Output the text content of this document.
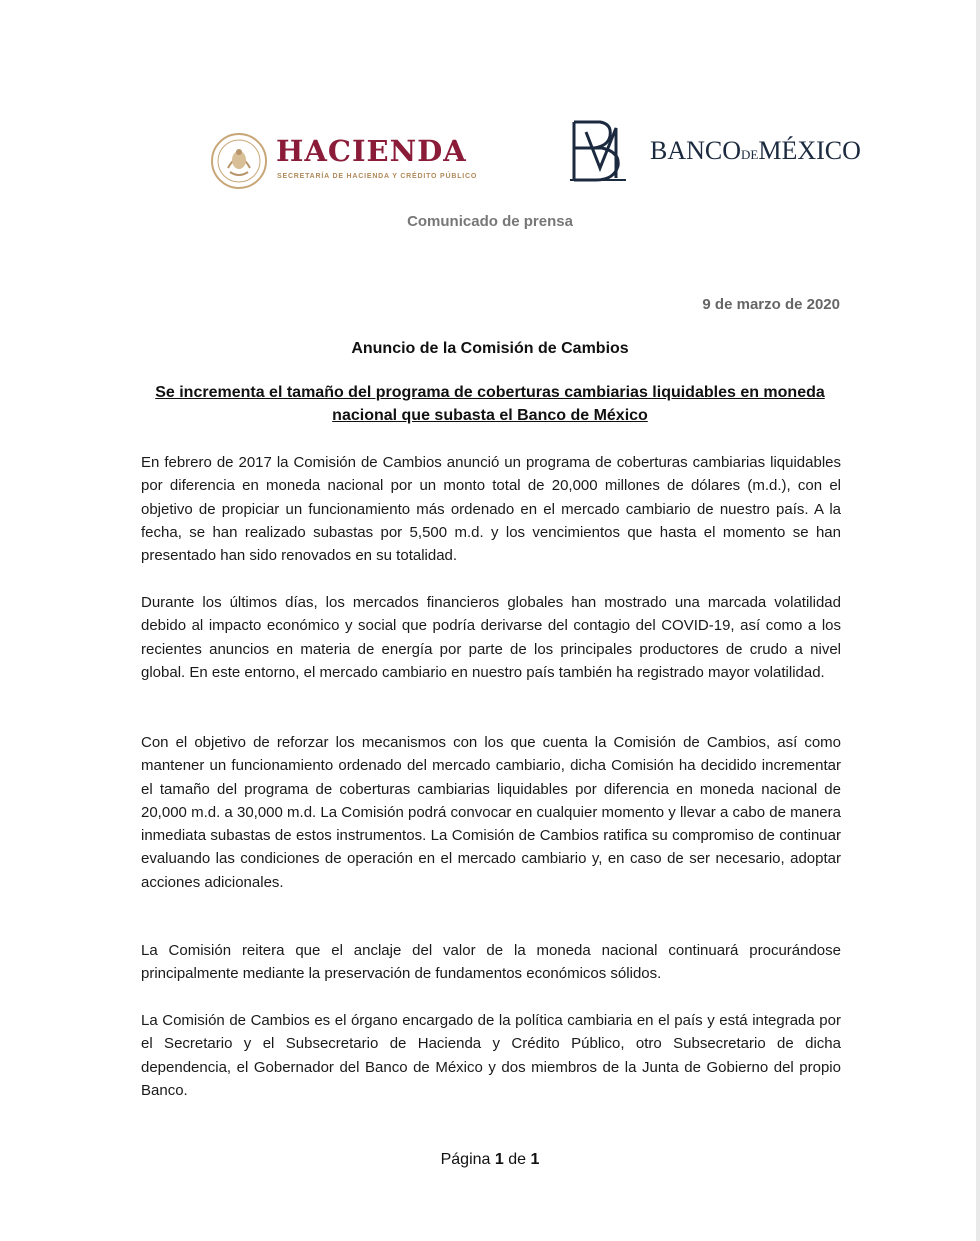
HACIENDA
SECRETARÍA DE HACIENDA Y CRÉDITO PÚBLICO
BANCODEMÉXICO
Comunicado de prensa
9 de marzo de 2020
Anuncio de la Comisión de Cambios
Se incrementa el tamaño del programa de coberturas cambiarias liquidables en moneda nacional que subasta el Banco de México

En febrero de 2017 la Comisión de Cambios anunció un programa de coberturas cambiarias liquidables por diferencia en moneda nacional por un monto total de 20,000 millones de dólares (m.d.), con el objetivo de propiciar un funcionamiento más ordenado en el mercado cambiario de nuestro país. A la fecha, se han realizado subastas por 5,500 m.d. y los vencimientos que hasta el momento se han presentado han sido renovados en su totalidad.

Durante los últimos días, los mercados financieros globales han mostrado una marcada volatilidad debido al impacto económico y social que podría derivarse del contagio del COVID-19, así como a los recientes anuncios en materia de energía por parte de los principales productores de crudo a nivel global. En este entorno, el mercado cambiario en nuestro país también ha registrado mayor volatilidad.

Con el objetivo de reforzar los mecanismos con los que cuenta la Comisión de Cambios, así como mantener un funcionamiento ordenado del mercado cambiario, dicha Comisión ha decidido incrementar el tamaño del programa de coberturas cambiarias liquidables por diferencia en moneda nacional de 20,000 m.d. a 30,000 m.d. La Comisión podrá convocar en cualquier momento y llevar a cabo de manera inmediata subastas de estos instrumentos. La Comisión de Cambios ratifica su compromiso de continuar evaluando las condiciones de operación en el mercado cambiario y, en caso de ser necesario, adoptar acciones adicionales.

La Comisión reitera que el anclaje del valor de la moneda nacional continuará procurándose principalmente mediante la preservación de fundamentos económicos sólidos.

La Comisión de Cambios es el órgano encargado de la política cambiaria en el país y está integrada por el Secretario y el Subsecretario de Hacienda y Crédito Público, otro Subsecretario de dicha dependencia, el Gobernador del Banco de México y dos miembros de la Junta de Gobierno del propio Banco.

Página 1 de 1
